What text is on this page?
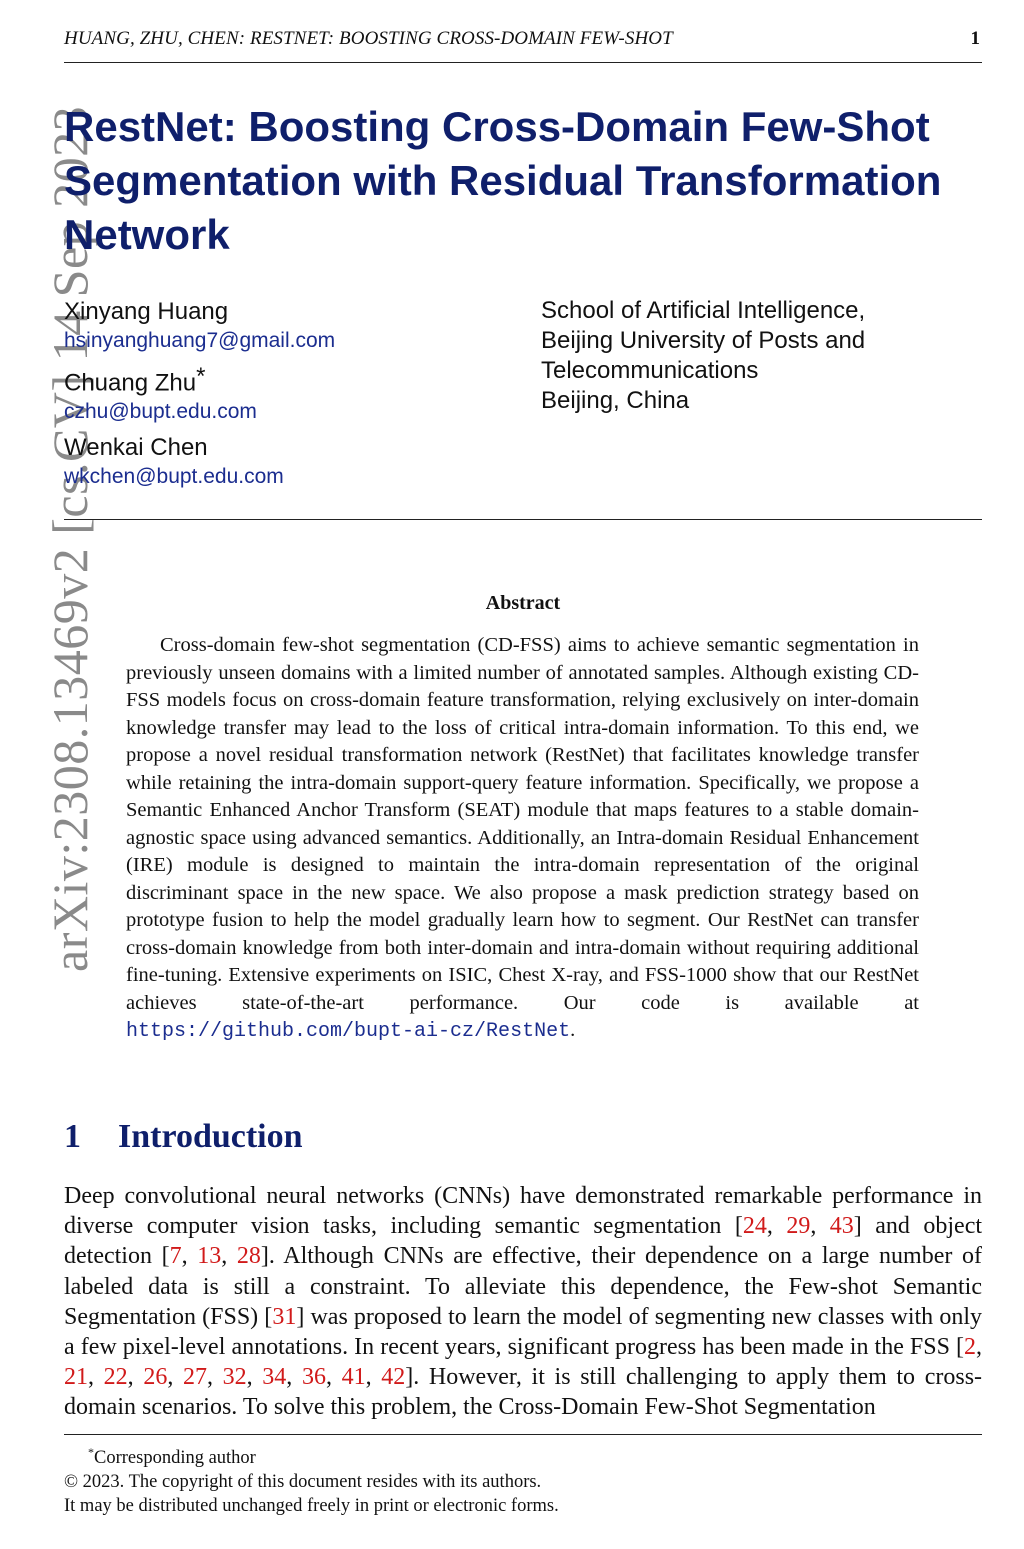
HUANG, ZHU, CHEN: RESTNET: BOOSTING CROSS-DOMAIN FEW-SHOT	1
arXiv:2308.13469v2 [cs.CV] 14 Sep 2023
RestNet: Boosting Cross-Domain Few-Shot
Segmentation with Residual Transformation
Network
Xinyang Huang
hsinyanghuang7@gmail.com
Chuang Zhu*
czhu@bupt.edu.com
Wenkai Chen
wkchen@bupt.edu.com
School of Artificial Intelligence,
Beijing University of Posts and
Telecommunications
Beijing, China
Abstract

Cross-domain few-shot segmentation (CD-FSS) aims to achieve semantic segmentation in previously unseen domains with a limited number of annotated samples. Although existing CD-FSS models focus on cross-domain feature transformation, relying exclusively on inter-domain knowledge transfer may lead to the loss of critical intra-domain information. To this end, we propose a novel residual transformation network (RestNet) that facilitates knowledge transfer while retaining the intra-domain support-query feature information. Specifically, we propose a Semantic Enhanced Anchor Transform (SEAT) module that maps features to a stable domain-agnostic space using advanced semantics. Additionally, an Intra-domain Residual Enhancement (IRE) module is designed to maintain the intra-domain representation of the original discriminant space in the new space. We also propose a mask prediction strategy based on prototype fusion to help the model gradually learn how to segment. Our RestNet can transfer cross-domain knowledge from both inter-domain and intra-domain without requiring additional fine-tuning. Extensive experiments on ISIC, Chest X-ray, and FSS-1000 show that our RestNet achieves state-of-the-art performance. Our code is available at https://github.com/bupt-ai-cz/RestNet.

1 Introduction

Deep convolutional neural networks (CNNs) have demonstrated remarkable performance in diverse computer vision tasks, including semantic segmentation [24, 29, 43] and object detection [7, 13, 28]. Although CNNs are effective, their dependence on a large number of labeled data is still a constraint. To alleviate this dependence, the Few-shot Semantic Segmentation (FSS) [31] was proposed to learn the model of segmenting new classes with only a few pixel-level annotations. In recent years, significant progress has been made in the FSS [2, 21, 22, 26, 27, 32, 34, 36, 41, 42]. However, it is still challenging to apply them to cross-domain scenarios. To solve this problem, the Cross-Domain Few-Shot Segmentation

*Corresponding author
© 2023. The copyright of this document resides with its authors.
It may be distributed unchanged freely in print or electronic forms.
